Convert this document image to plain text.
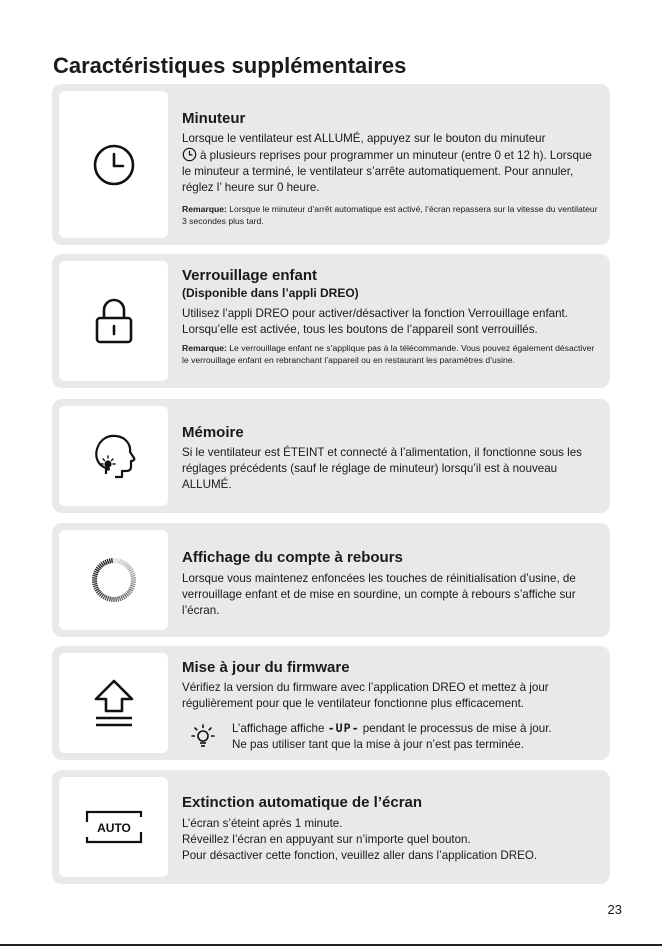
Caractéristiques supplémentaires

Minuteur

Lorsque le ventilateur est ALLUMÉ, appuyez sur le bouton du minuteur
à plusieurs reprises pour programmer un minuteur (entre 0 et 12 h). Lorsque le minuteur a terminé, le ventilateur s’arrête automatiquement. Pour annuler, réglez l’ heure sur 0 heure.

Remarque: Lorsque le minuteur d’arrêt automatique est activé, l’écran repassera sur la vitesse du ventilateur 3 secondes plus tard.

Verrouillage enfant

(Disponible dans l’appli DREO)

Utilisez l’appli DREO pour activer/désactiver la fonction Verrouillage enfant. Lorsqu’elle est activée, tous les boutons de l’appareil sont verrouillés.

Remarque: Le verrouillage enfant ne s’applique pas à la télécommande. Vous pouvez également désactiver le verrouillage enfant en rebranchant l’appareil ou en restaurant les paramètres d’usine.

Mémoire

Si le ventilateur est ÉTEINT et connecté à l’alimentation, il fonctionne sous les réglages précédents (sauf le réglage de minuteur) lorsqu’il est à nouveau ALLUMÉ.

Affichage du compte à rebours

Lorsque vous maintenez enfoncées les touches de réinitialisation d’usine, de verrouillage enfant et de mise en sourdine, un compte à rebours s’affiche sur l’écran.

Mise à jour du firmware

Vérifiez la version du firmware avec l’application DREO et mettez à jour régulièrement pour que le ventilateur fonctionne plus efficacement.

L’affichage affiche -UP- pendant le processus de mise à jour.
Ne pas utiliser tant que la mise à jour n’est pas terminée.
AUTO

Extinction automatique de l’écran

L’écran s’éteint après 1 minute.
Réveillez l’écran en appuyant sur n’importe quel bouton.
Pour désactiver cette fonction, veuillez aller dans l’application DREO.

23
